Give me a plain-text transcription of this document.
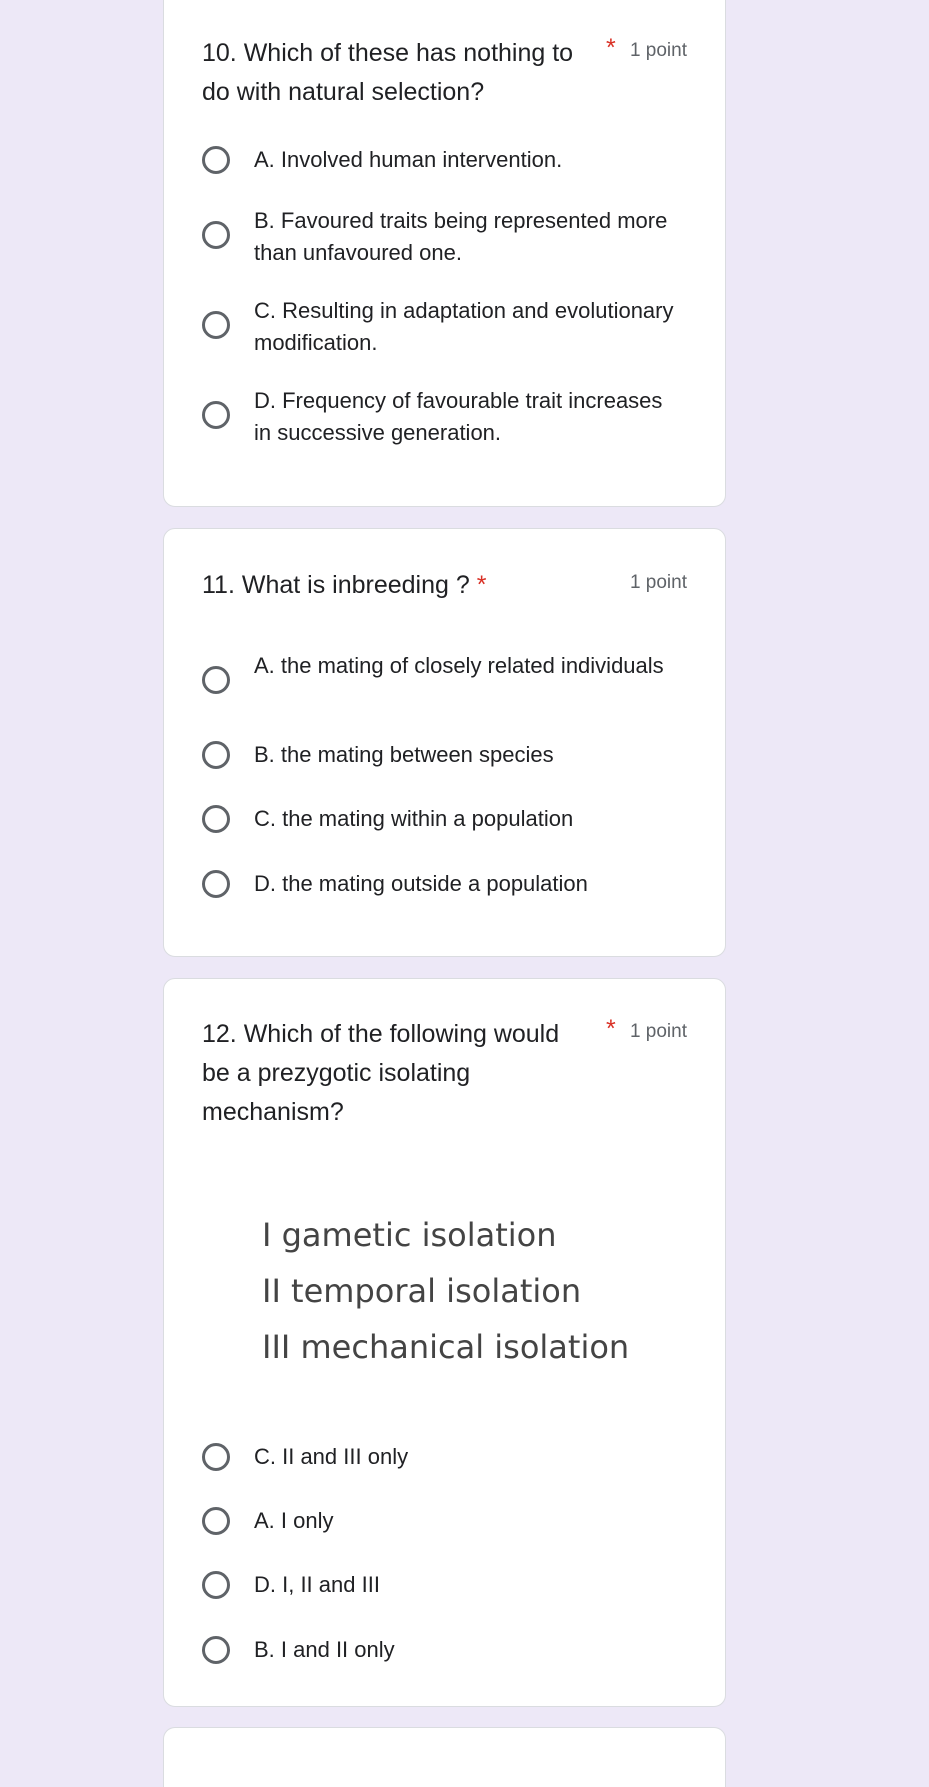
10. Which of these has nothing to do with natural selection?
* 1 point
A. Involved human intervention.
B. Favoured traits being represented more than unfavoured one.
C. Resulting in adaptation and evolutionary modification.
D. Frequency of favourable trait increases in successive generation.
11. What is inbreeding ? *	1 point
A. the mating of closely related individuals
B. the mating between species
C. the mating within a population
D. the mating outside a population
12. Which of the following would be a prezygotic isolating mechanism?
* 1 point
I gametic isolation
II temporal isolation
III mechanical isolation
C. II and III only
A. I only
D. I, II and III
B. I and II only
